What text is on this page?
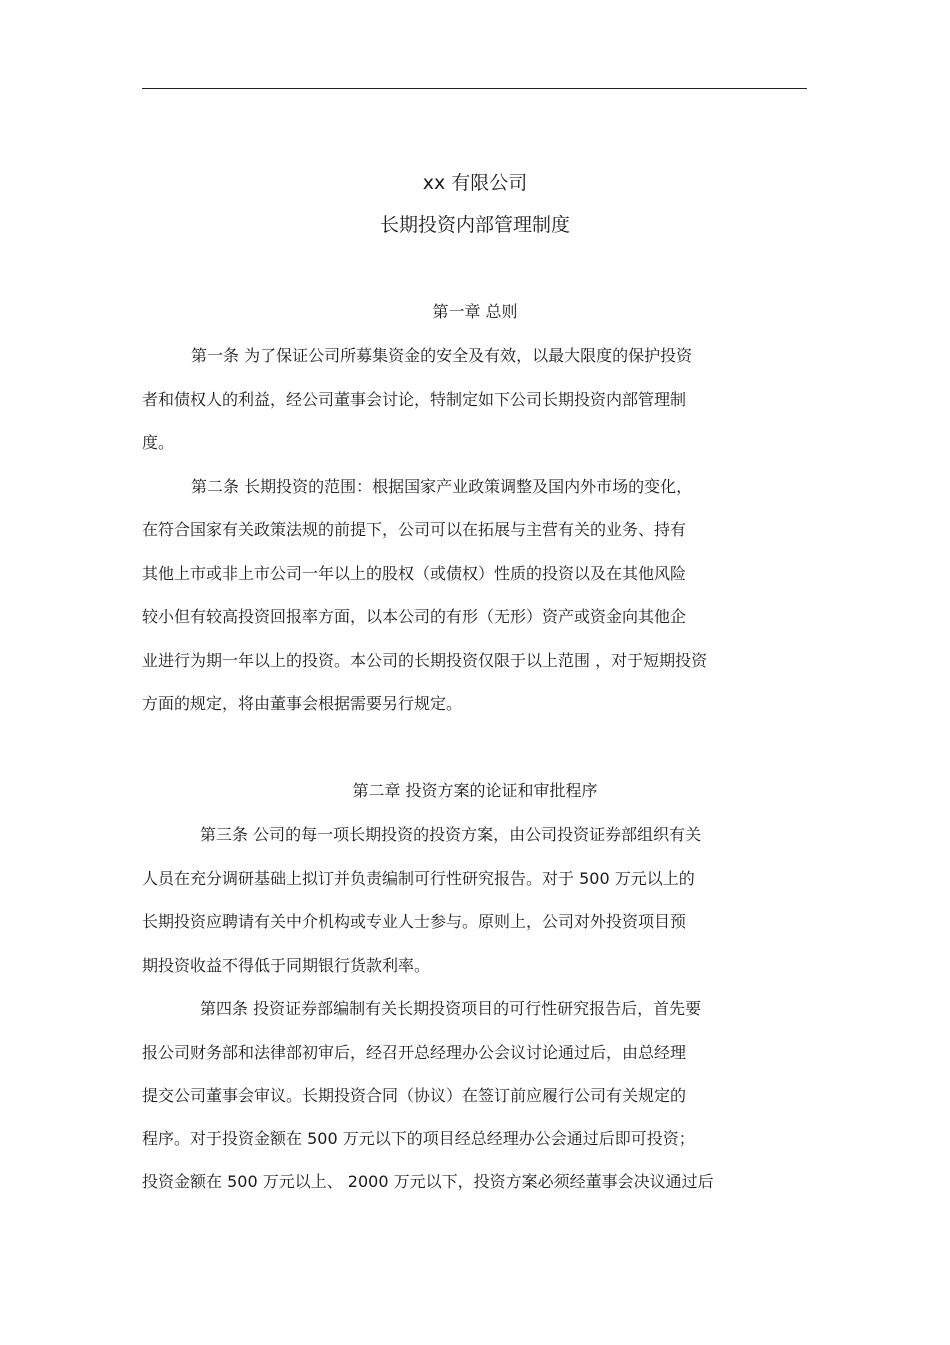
xx 有限公司
长期投资内部管理制度
第一章 总则
第一条 为了保证公司所募集资金的安全及有效，以最大限度的保护投资
者和债权人的利益，经公司董事会讨论，特制定如下公司长期投资内部管理制
度。
第二条 长期投资的范围：根据国家产业政策调整及国内外市场的变化，
在符合国家有关政策法规的前提下，公司可以在拓展与主营有关的业务、持有
其他上市或非上市公司一年以上的股权（或债权）性质的投资以及在其他风险
较小但有较高投资回报率方面，以本公司的有形（无形）资产或资金向其他企
业进行为期一年以上的投资。本公司的长期投资仅限于以上范围 ，对于短期投资
方面的规定，将由董事会根据需要另行规定。
第二章 投资方案的论证和审批程序
第三条 公司的每一项长期投资的投资方案，由公司投资证券部组织有关
人员在充分调研基础上拟订并负责编制可行性研究报告。对于 500 万元以上的
长期投资应聘请有关中介机构或专业人士参与。原则上，公司对外投资项目预
期投资收益不得低于同期银行货款利率。
第四条 投资证券部编制有关长期投资项目的可行性研究报告后，首先要
报公司财务部和法律部初审后，经召开总经理办公会议讨论通过后，由总经理
提交公司董事会审议。长期投资合同（协议）在签订前应履行公司有关规定的
程序。对于投资金额在 500 万元以下的项目经总经理办公会通过后即可投资；
投资金额在 500 万元以上、 2000 万元以下，投资方案必须经董事会决议通过后
